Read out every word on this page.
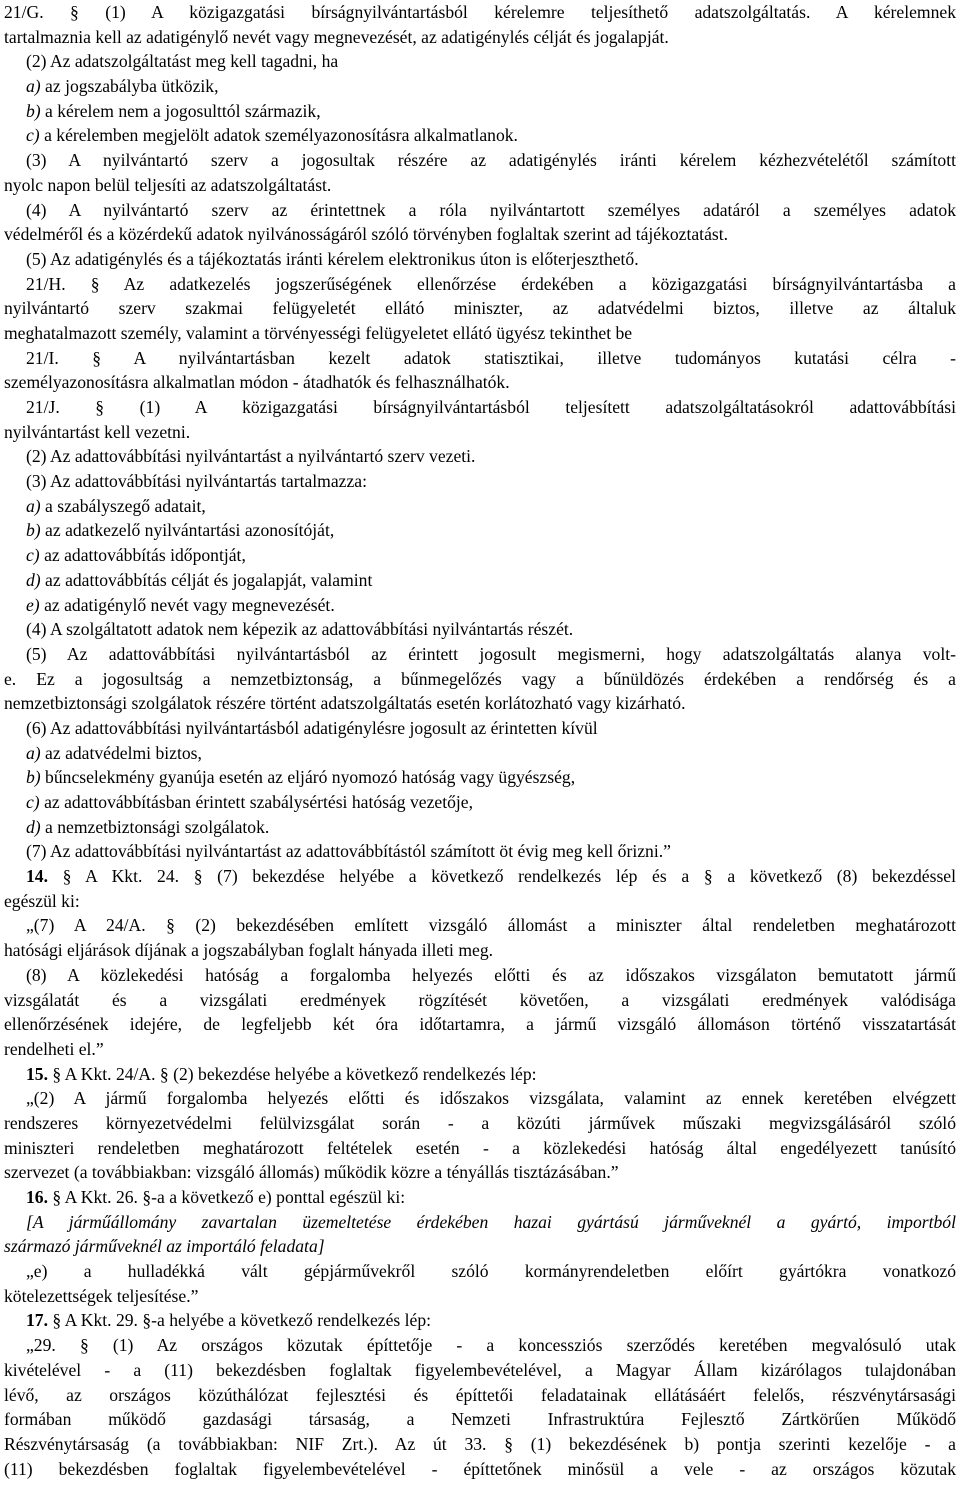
21/G. § (1) A közigazgatási bírságnyilvántartásból kérelemre teljesíthető adatszolgáltatás. A kérelemnek
tartalmaznia kell az adatigénylő nevét vagy megnevezését, az adatigénylés célját és jogalapját.
(2) Az adatszolgáltatást meg kell tagadni, ha
a) az jogszabályba ütközik,
b) a kérelem nem a jogosulttól származik,
c) a kérelemben megjelölt adatok személyazonosításra alkalmatlanok.
(3) A nyilvántartó szerv a jogosultak részére az adatigénylés iránti kérelem kézhezvételétől számított
nyolc napon belül teljesíti az adatszolgáltatást.
(4) A nyilvántartó szerv az érintettnek a róla nyilvántartott személyes adatáról a személyes adatok
védelméről és a közérdekű adatok nyilvánosságáról szóló törvényben foglaltak szerint ad tájékoztatást.
(5) Az adatigénylés és a tájékoztatás iránti kérelem elektronikus úton is előterjeszthető.
21/H. § Az adatkezelés jogszerűségének ellenőrzése érdekében a közigazgatási bírságnyilvántartásba a
nyilvántartó szerv szakmai felügyeletét ellátó miniszter, az adatvédelmi biztos, illetve az általuk
meghatalmazott személy, valamint a törvényességi felügyeletet ellátó ügyész tekinthet be
21/I. § A nyilvántartásban kezelt adatok statisztikai, illetve tudományos kutatási célra -
személyazonosításra alkalmatlan módon - átadhatók és felhasználhatók.
21/J. § (1) A közigazgatási bírságnyilvántartásból teljesített adatszolgáltatásokról adattovábbítási
nyilvántartást kell vezetni.
(2) Az adattovábbítási nyilvántartást a nyilvántartó szerv vezeti.
(3) Az adattovábbítási nyilvántartás tartalmazza:
a) a szabályszegő adatait,
b) az adatkezelő nyilvántartási azonosítóját,
c) az adattovábbítás időpontját,
d) az adattovábbítás célját és jogalapját, valamint
e) az adatigénylő nevét vagy megnevezését.
(4) A szolgáltatott adatok nem képezik az adattovábbítási nyilvántartás részét.
(5) Az adattovábbítási nyilvántartásból az érintett jogosult megismerni, hogy adatszolgáltatás alanya volt-
e. Ez a jogosultság a nemzetbiztonság, a bűnmegelőzés vagy a bűnüldözés érdekében a rendőrség és a
nemzetbiztonsági szolgálatok részére történt adatszolgáltatás esetén korlátozható vagy kizárható.
(6) Az adattovábbítási nyilvántartásból adatigénylésre jogosult az érintetten kívül
a) az adatvédelmi biztos,
b) bűncselekmény gyanúja esetén az eljáró nyomozó hatóság vagy ügyészség,
c) az adattovábbításban érintett szabálysértési hatóság vezetője,
d) a nemzetbiztonsági szolgálatok.
(7) Az adattovábbítási nyilvántartást az adattovábbítástól számított öt évig meg kell őrizni.”
14. § A Kkt. 24. § (7) bekezdése helyébe a következő rendelkezés lép és a § a következő (8) bekezdéssel
egészül ki:
„(7) A 24/A. § (2) bekezdésében említett vizsgáló állomást a miniszter által rendeletben meghatározott
hatósági eljárások díjának a jogszabályban foglalt hányada illeti meg.
(8) A közlekedési hatóság a forgalomba helyezés előtti és az időszakos vizsgálaton bemutatott jármű
vizsgálatát és a vizsgálati eredmények rögzítését követően, a vizsgálati eredmények valódisága
ellenőrzésének idejére, de legfeljebb két óra időtartamra, a jármű vizsgáló állomáson történő visszatartását
rendelheti el.”
15. § A Kkt. 24/A. § (2) bekezdése helyébe a következő rendelkezés lép:
„(2) A jármű forgalomba helyezés előtti és időszakos vizsgálata, valamint az ennek keretében elvégzett
rendszeres környezetvédelmi felülvizsgálat során - a közúti járművek műszaki megvizsgálásáról szóló
miniszteri rendeletben meghatározott feltételek esetén - a közlekedési hatóság által engedélyezett tanúsító
szervezet (a továbbiakban: vizsgáló állomás) működik közre a tényállás tisztázásában.”
16. § A Kkt. 26. §-a a következő e) ponttal egészül ki:
[A járműállomány zavartalan üzemeltetése érdekében hazai gyártású járműveknél a gyártó, importból
származó járműveknél az importáló feladata]
„e) a hulladékká vált gépjárművekről szóló kormányrendeletben előírt gyártókra vonatkozó
kötelezettségek teljesítése.”
17. § A Kkt. 29. §-a helyébe a következő rendelkezés lép:
„29. § (1) Az országos közutak építtetője - a koncessziós szerződés keretében megvalósuló utak
kivételével - a (11) bekezdésben foglaltak figyelembevételével, a Magyar Állam kizárólagos tulajdonában
lévő, az országos közúthálózat fejlesztési és építtetői feladatainak ellátásáért felelős, részvénytársasági
formában működő gazdasági társaság, a Nemzeti Infrastruktúra Fejlesztő Zártkörűen Működő
Részvénytársaság (a továbbiakban: NIF Zrt.). Az út 33. § (1) bekezdésének b) pontja szerinti kezelője - a
(11) bekezdésben foglaltak figyelembevételével - építtetőnek minősül a vele - az országos közutak
